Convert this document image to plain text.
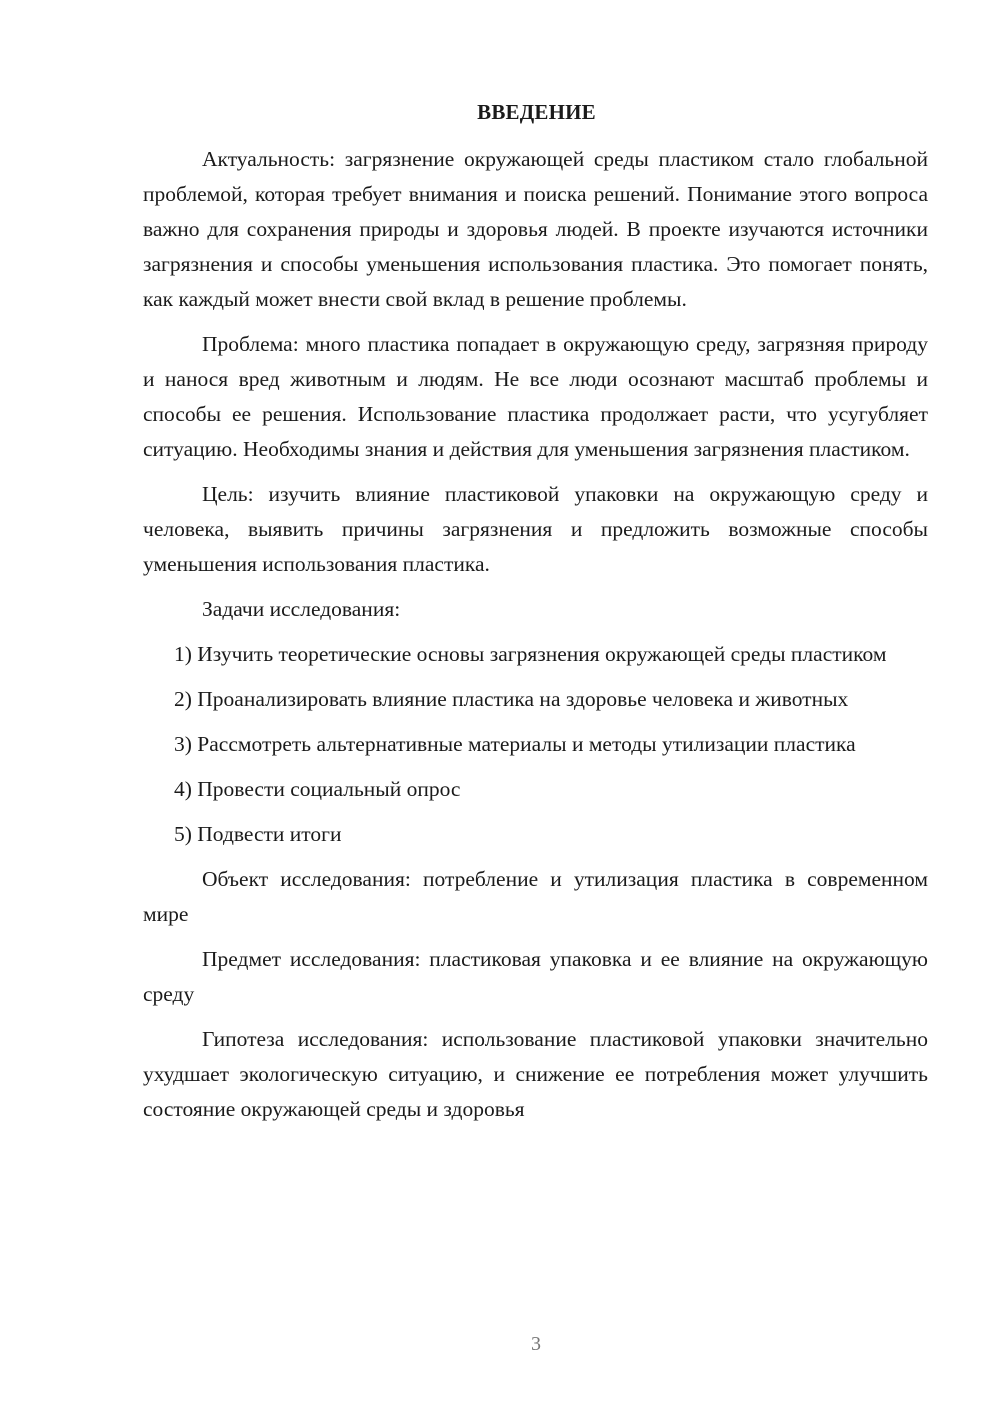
ВВЕДЕНИЕ

Актуальность: загрязнение окружающей среды пластиком стало глобальной проблемой, которая требует внимания и поиска решений. Понимание этого вопроса важно для сохранения природы и здоровья людей. В проекте изучаются источники загрязнения и способы уменьшения использования пластика. Это помогает понять, как каждый может внести свой вклад в решение проблемы.

Проблема: много пластика попадает в окружающую среду, загрязняя природу и нанося вред животным и людям. Не все люди осознают масштаб проблемы и способы ее решения. Использование пластика продолжает расти, что усугубляет ситуацию. Необходимы знания и действия для уменьшения загрязнения пластиком.

Цель: изучить влияние пластиковой упаковки на окружающую среду и человека, выявить причины загрязнения и предложить возможные способы уменьшения использования пластика.

Задачи исследования:

1) Изучить теоретические основы загрязнения окружающей среды пластиком

2) Проанализировать влияние пластика на здоровье человека и животных

3) Рассмотреть альтернативные материалы и методы утилизации пластика

4) Провести социальный опрос

5) Подвести итоги

Объект исследования: потребление и утилизация пластика в современном мире

Предмет исследования: пластиковая упаковка и ее влияние на окружающую среду

Гипотеза исследования: использование пластиковой упаковки значительно ухудшает экологическую ситуацию, и снижение ее потребления может улучшить состояние окружающей среды и здоровья

3
